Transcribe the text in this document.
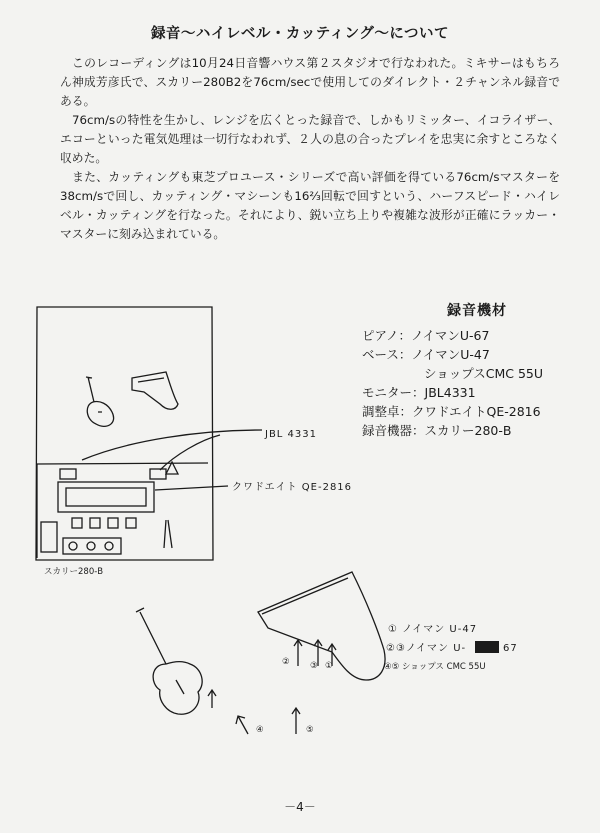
録音～ハイレベル・カッティング～について

このレコーディングは10月24日音響ハウス第２スタジオで行なわれた。ミキサーはもちろん神成芳彦氏で、スカリー280B2を76cm/secで使用してのダイレクト・２チャンネル録音である。

76cm/sの特性を生かし、レンジを広くとった録音で、しかもリミッター、イコライザー、エコーといった電気処理は一切行なわれず、２人の息の合ったプレイを忠実に余すところなく収めた。

また、カッティングも東芝プロユース・シリーズで高い評価を得ている76cm/sマスターを38cm/sで回し、カッティング・マシーンも16⅔回転で回すという、ハーフスピード・ハイレベル・カッティングを行なった。それにより、鋭い立ち上りや複雑な波形が正確にラッカー・マスターに刻み込まれている。

JBL 4331
クワドエイト QE-2816
スカリー280-B
② ③ ①
④	⑤
① ノイマン U-47
②③ノイマン U-	67
④⑤ ショップス CMC 55U
録音機材
ピアノ： ノイマンU-67
ベース： ノイマンU-47
ショップスCMC 55U
モニター： JBL4331
調整卓： クワドエイトQE-2816
録音機器： スカリー280-B
－4－
